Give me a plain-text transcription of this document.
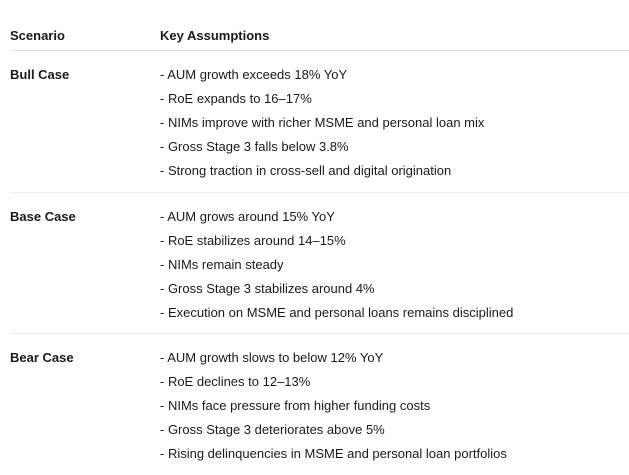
Scenario	Key Assumptions
Bull Case	- AUM growth exceeds 18% YoY
- RoE expands to 16–17%
- NIMs improve with richer MSME and personal loan mix
- Gross Stage 3 falls below 3.8%
- Strong traction in cross-sell and digital origination
Base Case	- AUM grows around 15% YoY
- RoE stabilizes around 14–15%
- NIMs remain steady
- Gross Stage 3 stabilizes around 4%
- Execution on MSME and personal loans remains disciplined
Bear Case	- AUM growth slows to below 12% YoY
- RoE declines to 12–13%
- NIMs face pressure from higher funding costs
- Gross Stage 3 deteriorates above 5%
- Rising delinquencies in MSME and personal loan portfolios
